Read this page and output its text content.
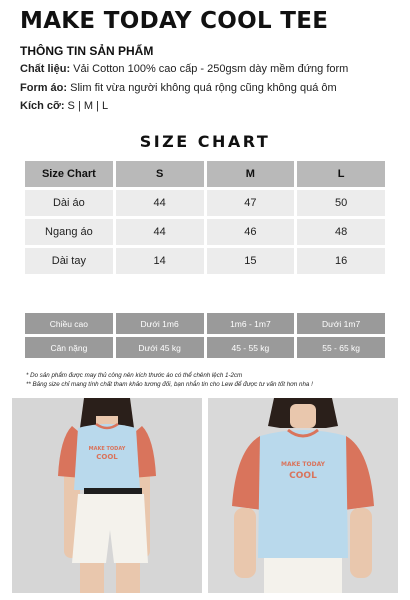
MAKE TODAY COOL TEE
THÔNG TIN SẢN PHẨM
Chất liệu: Vải Cotton 100% cao cấp - 250gsm dày mềm đứng form
Form áo: Slim fit vừa người không quá rộng cũng không quá ôm
Kích cỡ: S | M | L
SIZE CHART
Size Chart	S	M	L
Dài áo	44	47	50
Ngang áo	44	46	48
Dài tay	14	15	16
Chiều cao	Dưới 1m6	1m6 - 1m7	Dưới 1m7
Cân nặng	Dưới 45 kg	45 - 55 kg	55 - 65 kg
* Do sản phẩm được may thủ công nên kích thước áo có thể chênh lệch 1-2cm
** Bảng size chỉ mang tính chất tham khảo tương đối, bạn nhắn tin cho Lew để được tư vấn tốt hơn nha !
MAKE TODAY
COOL
MAKE TODAY
COOL
